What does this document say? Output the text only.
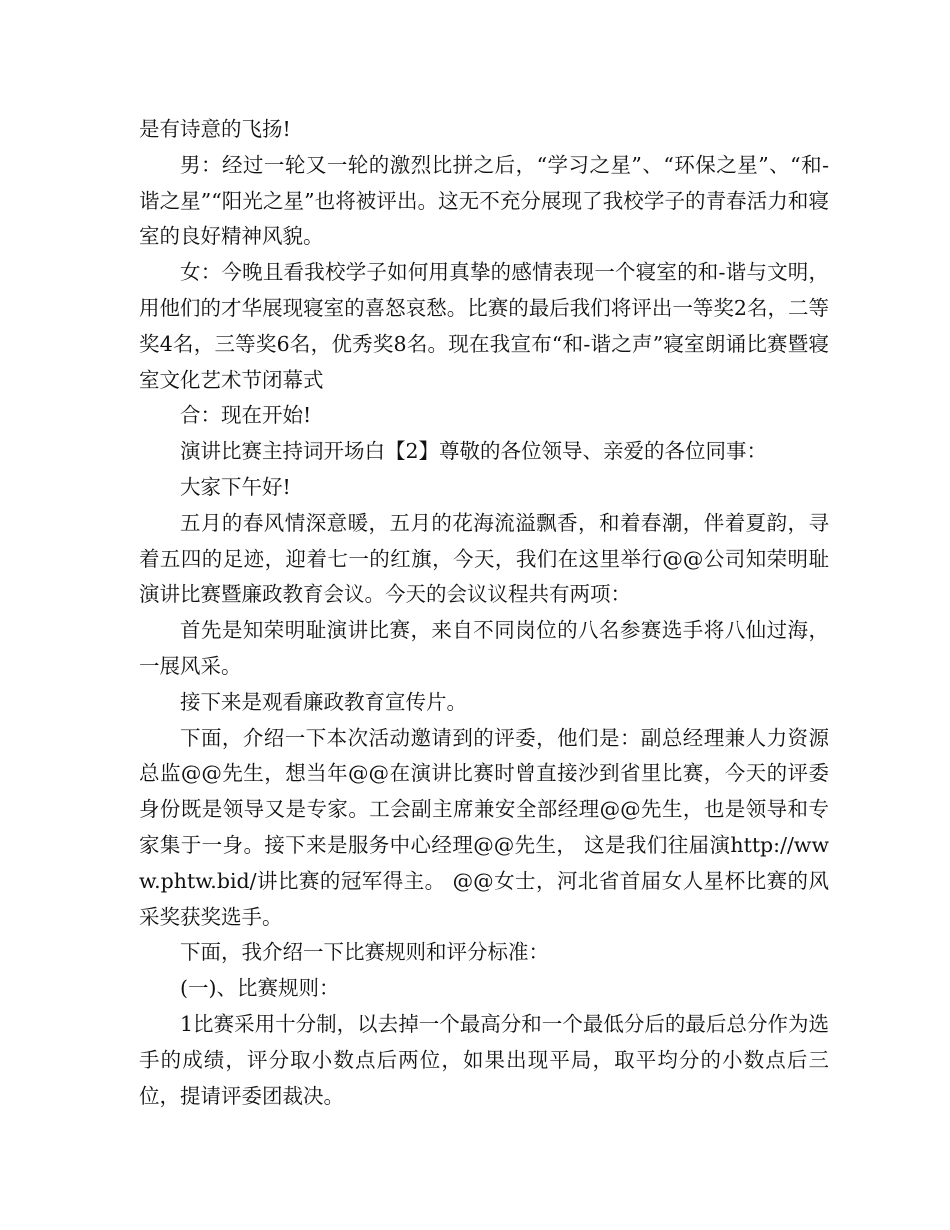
是有诗意的飞扬!

男：经过一轮又一轮的激烈比拼之后，“学习之星”、“环保之星”、“和-谐之星”“阳光之星”也将被评出。这无不充分展现了我校学子的青春活力和寝室的良好精神风貌。

女：今晚且看我校学子如何用真挚的感情表现一个寝室的和-谐与文明，用他们的才华展现寝室的喜怒哀愁。比赛的最后我们将评出一等奖2名，二等奖4名，三等奖6名，优秀奖8名。现在我宣布“和-谐之声”寝室朗诵比赛暨寝室文化艺术节闭幕式

合：现在开始!

演讲比赛主持词开场白【2】尊敬的各位领导、亲爱的各位同事：

大家下午好!

五月的春风情深意暖，五月的花海流溢飘香，和着春潮，伴着夏韵，寻着五四的足迹，迎着七一的红旗，今天，我们在这里举行@@公司知荣明耻演讲比赛暨廉政教育会议。今天的会议议程共有两项：

首先是知荣明耻演讲比赛，来自不同岗位的八名参赛选手将八仙过海，一展风采。

接下来是观看廉政教育宣传片。

下面，介绍一下本次活动邀请到的评委，他们是：副总经理兼人力资源总监@@先生，想当年@@在演讲比赛时曾直接沙到省里比赛，今天的评委身份既是领导又是专家。工会副主席兼安全部经理@@先生，也是领导和专家集于一身。接下来是服务中心经理@@先生， 这是我们往届演http://www.phtw.bid/讲比赛的冠军得主。 @@女士，河北省首届女人星杯比赛的风采奖获奖选手。

下面，我介绍一下比赛规则和评分标准：

(一)、比赛规则：

1比赛采用十分制，以去掉一个最高分和一个最低分后的最后总分作为选手的成绩，评分取小数点后两位，如果出现平局，取平均分的小数点后三位，提请评委团裁决。
